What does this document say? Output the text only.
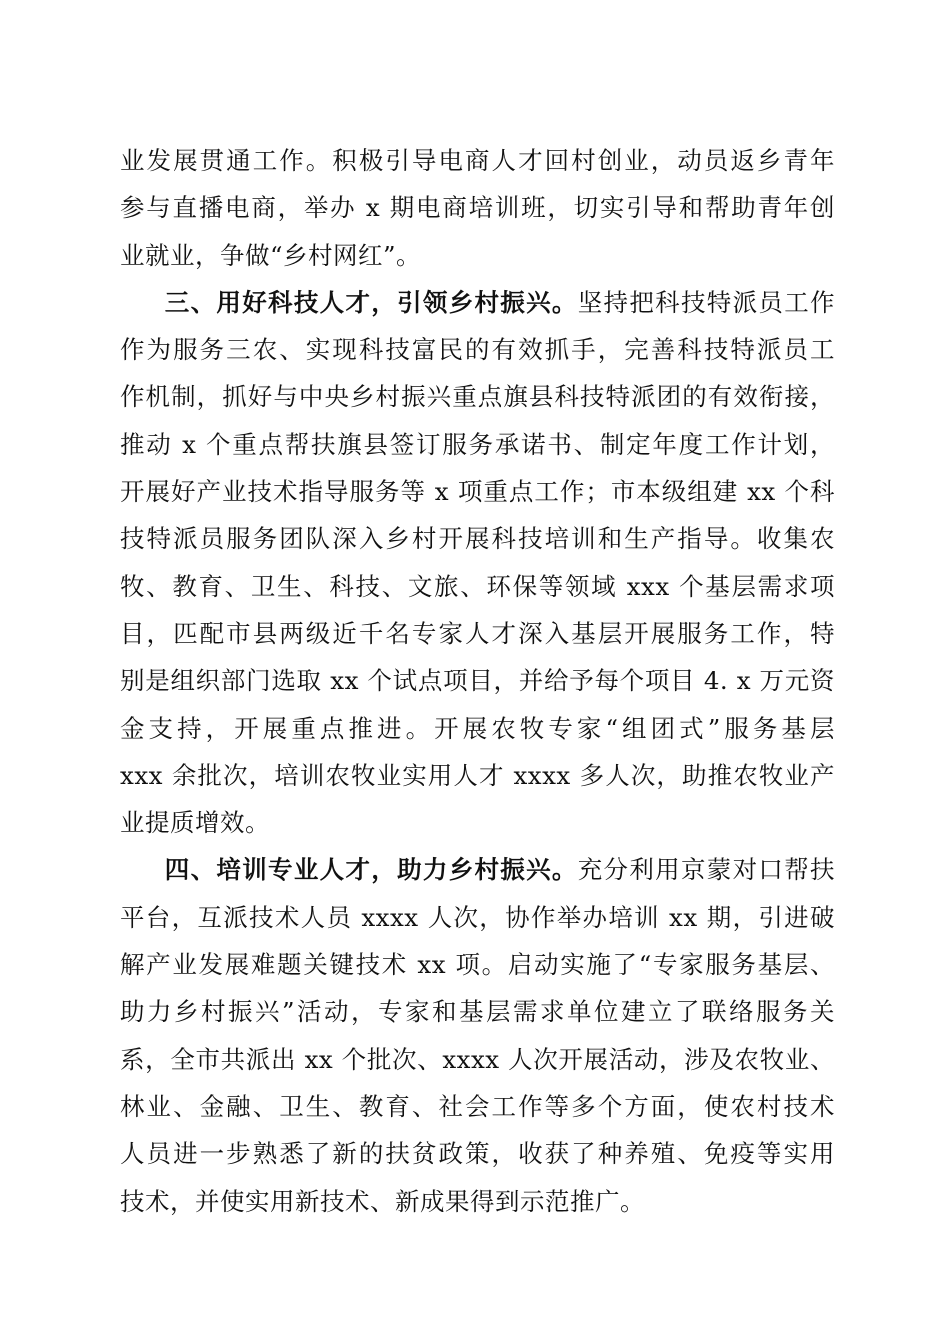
业发展贯通工作。积极引导电商人才回村创业，动员返乡青年
参与直播电商，举办 x 期电商培训班，切实引导和帮助青年创
业就业，争做“乡村网红”。
三、用好科技人才，引领乡村振兴。坚持把科技特派员工作
作为服务三农、实现科技富民的有效抓手，完善科技特派员工
作机制，抓好与中央乡村振兴重点旗县科技特派团的有效衔接，
推动 x 个重点帮扶旗县签订服务承诺书、制定年度工作计划，
开展好产业技术指导服务等 x 项重点工作；市本级组建 xx 个科
技特派员服务团队深入乡村开展科技培训和生产指导。收集农
牧、教育、卫生、科技、文旅、环保等领域 xxx 个基层需求项
目，匹配市县两级近千名专家人才深入基层开展服务工作，特
别是组织部门选取 xx 个试点项目，并给予每个项目 4. x 万元资
金支持，开展重点推进。开展农牧专家“组团式”服务基层
xxx 余批次，培训农牧业实用人才 xxxx 多人次，助推农牧业产
业提质增效。
四、培训专业人才，助力乡村振兴。充分利用京蒙对口帮扶
平台，互派技术人员 xxxx 人次，协作举办培训 xx 期，引进破
解产业发展难题关键技术 xx 项。启动实施了“专家服务基层、
助力乡村振兴”活动，专家和基层需求单位建立了联络服务关
系，全市共派出 xx 个批次、xxxx 人次开展活动，涉及农牧业、
林业、金融、卫生、教育、社会工作等多个方面，使农村技术
人员进一步熟悉了新的扶贫政策，收获了种养殖、免疫等实用
技术，并使实用新技术、新成果得到示范推广。
